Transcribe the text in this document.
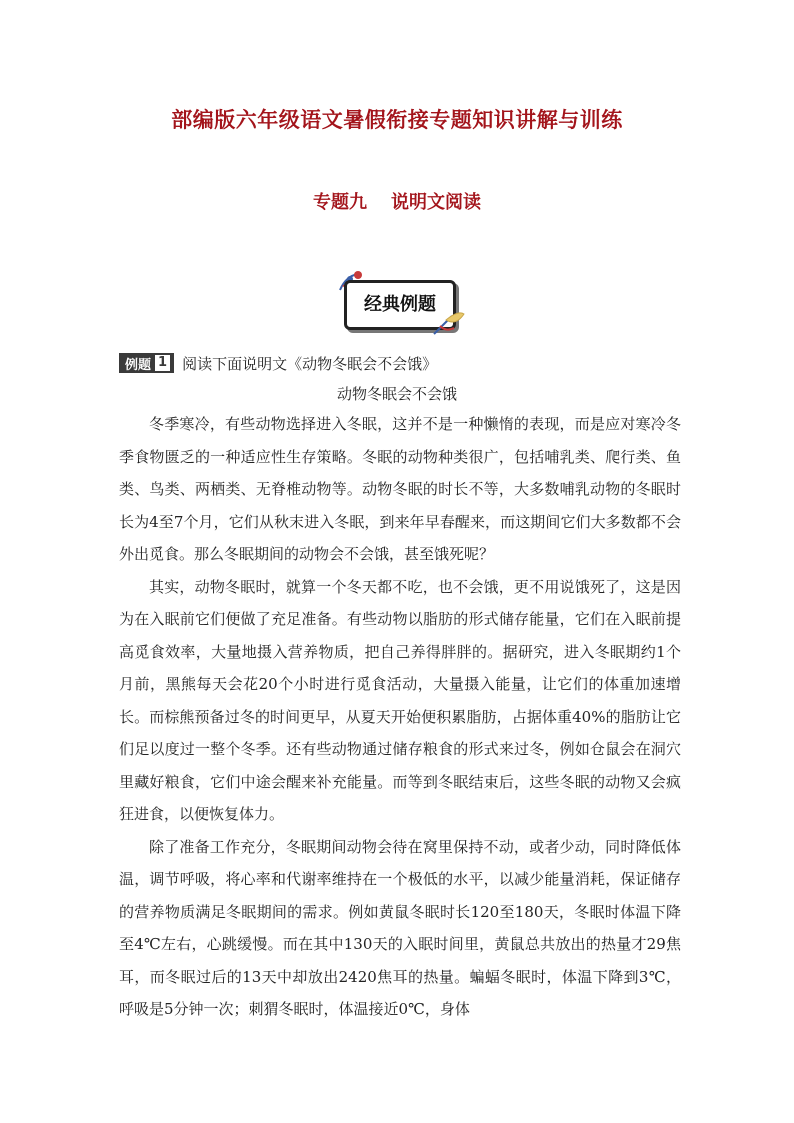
部编版六年级语文暑假衔接专题知识讲解与训练
专题九 说明文阅读
经典例题
例题 1 阅读下面说明文《动物冬眠会不会饿》
动物冬眠会不会饿

冬季寒冷，有些动物选择进入冬眠，这并不是一种懒惰的表现，而是应对寒冷冬季食物匮乏的一种适应性生存策略。冬眠的动物种类很广，包括哺乳类、爬行类、鱼类、鸟类、两栖类、无脊椎动物等。动物冬眠的时长不等，大多数哺乳动物的冬眠时长为4至7个月，它们从秋末进入冬眠，到来年早春醒来，而这期间它们大多数都不会外出觅食。那么冬眠期间的动物会不会饿，甚至饿死呢？

其实，动物冬眠时，就算一个冬天都不吃，也不会饿，更不用说饿死了，这是因为在入眠前它们便做了充足准备。有些动物以脂肪的形式储存能量，它们在入眠前提高觅食效率，大量地摄入营养物质，把自己养得胖胖的。据研究，进入冬眠期约1个月前，黑熊每天会花20个小时进行觅食活动，大量摄入能量，让它们的体重加速增长。而棕熊预备过冬的时间更早，从夏天开始便积累脂肪，占据体重40%的脂肪让它们足以度过一整个冬季。还有些动物通过储存粮食的形式来过冬，例如仓鼠会在洞穴里藏好粮食，它们中途会醒来补充能量。而等到冬眠结束后，这些冬眠的动物又会疯狂进食，以便恢复体力。

除了准备工作充分，冬眠期间动物会待在窝里保持不动，或者少动，同时降低体温，调节呼吸，将心率和代谢率维持在一个极低的水平，以减少能量消耗，保证储存的营养物质满足冬眠期间的需求。例如黄鼠冬眠时长120至180天，冬眠时体温下降至4℃左右，心跳缓慢。而在其中130天的入眠时间里，黄鼠总共放出的热量才29焦耳，而冬眠过后的13天中却放出2420焦耳的热量。蝙蝠冬眠时，体温下降到3℃，呼吸是5分钟一次；刺猬冬眠时，体温接近0℃，身体
